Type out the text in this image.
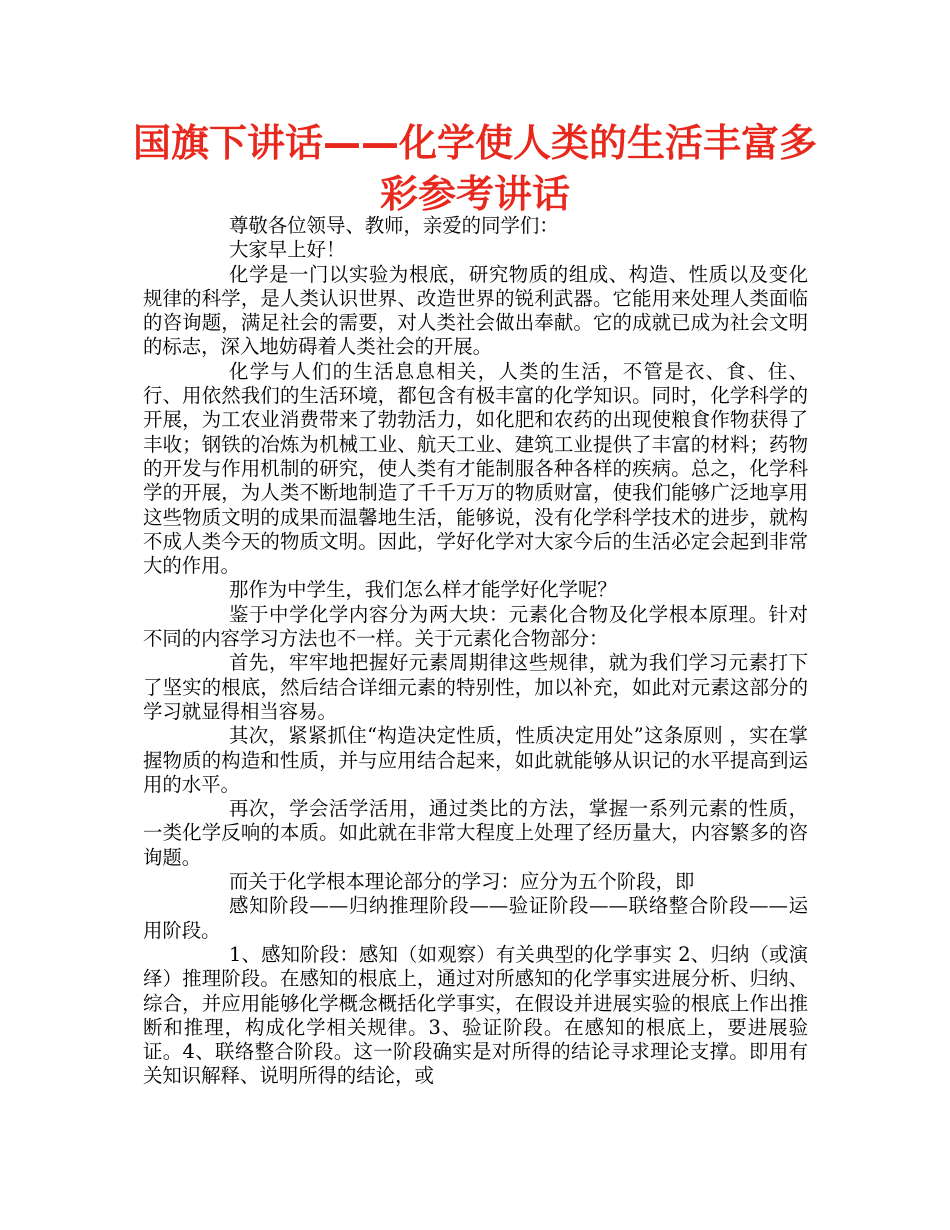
国旗下讲话——化学使人类的生活丰富多彩参考讲话

尊敬各位领导、教师，亲爱的同学们：

大家早上好！

化学是一门以实验为根底，研究物质的组成、构造、性质以及变化规律的科学，是人类认识世界、改造世界的锐利武器。它能用来处理人类面临的咨询题，满足社会的需要，对人类社会做出奉献。它的成就已成为社会文明的标志，深入地妨碍着人类社会的开展。

化学与人们的生活息息相关，人类的生活，不管是衣、食、住、行、用依然我们的生活环境，都包含有极丰富的化学知识。同时，化学科学的开展，为工农业消费带来了勃勃活力，如化肥和农药的出现使粮食作物获得了丰收；钢铁的冶炼为机械工业、航天工业、建筑工业提供了丰富的材料；药物的开发与作用机制的研究，使人类有才能制服各种各样的疾病。总之，化学科学的开展，为人类不断地制造了千千万万的物质财富，使我们能够广泛地享用这些物质文明的成果而温馨地生活，能够说，没有化学科学技术的进步，就构不成人类今天的物质文明。因此，学好化学对大家今后的生活必定会起到非常大的作用。

那作为中学生，我们怎么样才能学好化学呢？

鉴于中学化学内容分为两大块：元素化合物及化学根本原理。针对不同的内容学习方法也不一样。关于元素化合物部分：

首先，牢牢地把握好元素周期律这些规律，就为我们学习元素打下了坚实的根底，然后结合详细元素的特别性，加以补充，如此对元素这部分的学习就显得相当容易。

其次，紧紧抓住“构造决定性质，性质决定用处”这条原则 ，实在掌握物质的构造和性质，并与应用结合起来，如此就能够从识记的水平提高到运用的水平。

再次，学会活学活用，通过类比的方法，掌握一系列元素的性质，一类化学反响的本质。如此就在非常大程度上处理了经历量大，内容繁多的咨询题。

而关于化学根本理论部分的学习：应分为五个阶段，即

感知阶段——归纳推理阶段——验证阶段——联络整合阶段——运用阶段。

1、感知阶段：感知（如观察）有关典型的化学事实 2、归纳（或演绎）推理阶段。在感知的根底上，通过对所感知的化学事实进展分析、归纳、综合，并应用能够化学概念概括化学事实，在假设并进展实验的根底上作出推断和推理，构成化学相关规律。3、验证阶段。在感知的根底上，要进展验证。4、联络整合阶段。这一阶段确实是对所得的结论寻求理论支撑。即用有关知识解释、说明所得的结论，或
